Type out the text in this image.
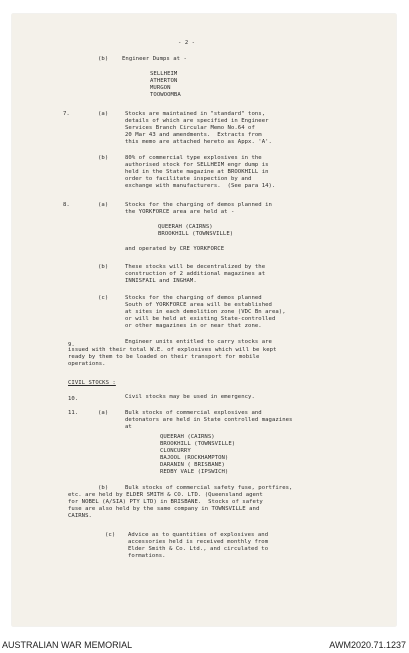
- 2 -
(b) Engineer Dumps at -
SELLHEIM
ATHERTON
MURGON
TOOWOOMBA
7.	(a)	Stocks are maintained in "standard" tons,
details of which are specified in Engineer
Services Branch Circular Memo No.64 of
20 Mar 43 and amendments.  Extracts from
this memo are attached hereto as Appx. 'A'.
(b)	80% of commercial type explosives in the
authorised stock for SELLHEIM engr dump is
held in the State magazine at BROOKHILL in
order to facilitate inspection by and
exchange with manufacturers.  (See para 14).
8.	(a)	Stocks for the charging of demos planned in
the YORKFORCE area are held at -
QUEERAH (CAIRNS)
BROOKHILL (TOWNSVILLE)
and operated by CRE YORKFORCE
(b)	These stocks will be decentralized by the
construction of 2 additional magazines at
INNISFAIL and INGHAM.
(c)	Stocks for the charging of demos planned
South of YORKFORCE area will be established
at sites in each demolition zone (VDC Bn area),
or will be held at existing State-controlled
or other magazines in or near that zone.
9.	Engineer units entitled to carry stocks are
issued with their total W.E. of explosives which will be kept
ready by them to be loaded on their transport for mobile
operations.
CIVIL STOCKS :
10.	Civil stocks may be used in emergency.
11.	(a)	Bulk stocks of commercial explosives and
detonators are held in State controlled magazines
at
QUEERAH (CAIRNS)
BROOKHILL (TOWNSVILLE)
CLONCURRY
BAJOOL (ROCKHAMPTON)
DARANIN ( BRISBANE)
REDBY VALE (IPSWICH)
(b)	Bulk stocks of commercial safety fuse, portfires,
etc. are held by ELDER SMITH & CO. LTD. (Queensland agent
for NOBEL (A/SIA) PTY LTD) in BRISBANE.  Stocks of safety
fuse are also held by the same company in TOWNSVILLE and
CAIRNS.
(c) Advice as to quantities of explosives and
accessories held is received monthly from
Elder Smith & Co. Ltd., and circulated to
formations.
AUSTRALIAN WAR MEMORIAL	AWM2020.71.1237
